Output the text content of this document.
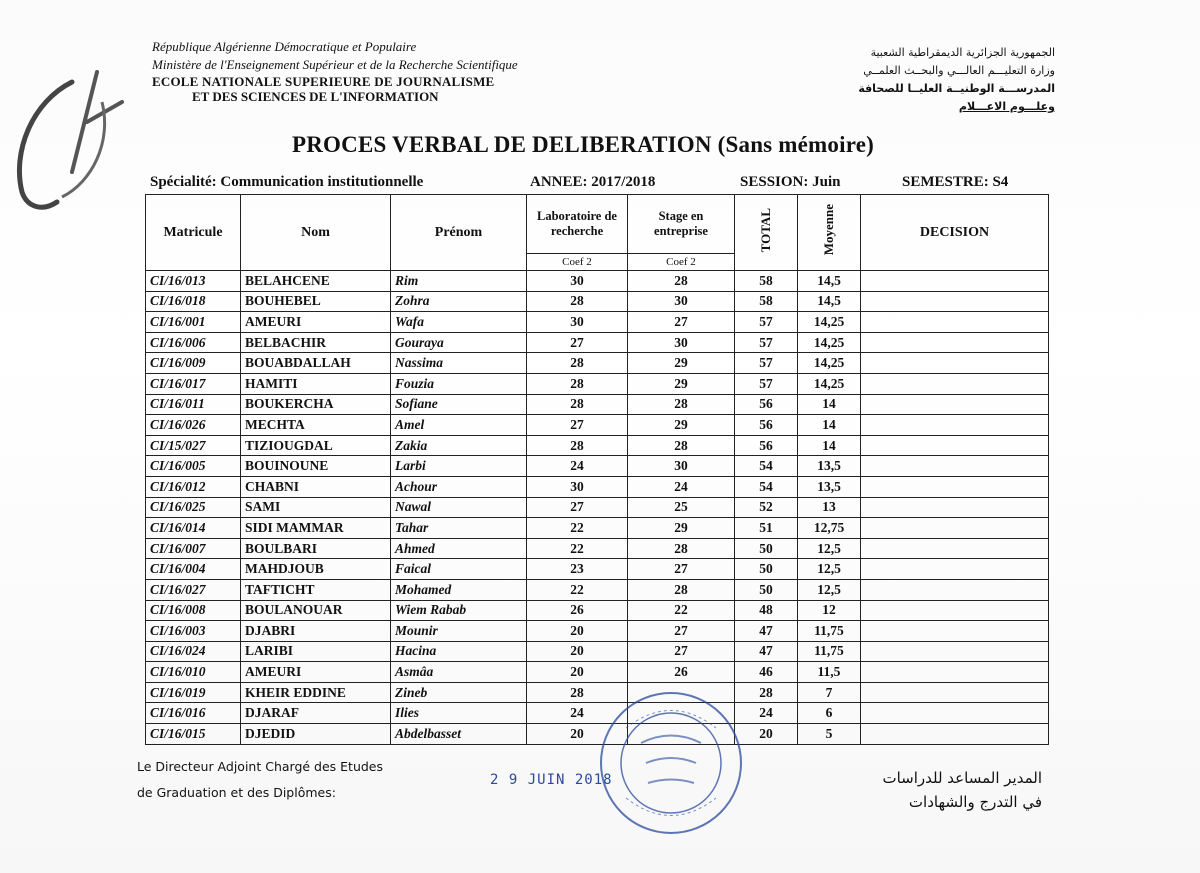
République Algérienne Démocratique et Populaire
Ministère de l'Enseignement Supérieur et de la Recherche Scientifique
ECOLE NATIONALE SUPERIEURE DE JOURNALISME
ET DES SCIENCES DE L'INFORMATION
الجمهورية الجزائرية الديمقراطية الشعبية
وزارة التعليـــم العالـــي والبحــث العلمــي
المدرســـة الوطنيــة العليــا للصحافة
وعلـــوم الاعـــلام
PROCES VERBAL DE DELIBERATION (Sans mémoire)
Spécialité: Communication institutionnelle	ANNEE: 2017/2018	SESSION: Juin	SEMESTRE: S4
Matricule	Nom	Prénom	Laboratoire de recherche	Stage en entreprise	TOTAL	Moyenne	DECISION
			Coef 2	Coef 2			
CI/16/013	BELAHCENE	Rim	30	28	58	14,5	
CI/16/018	BOUHEBEL	Zohra	28	30	58	14,5	
CI/16/001	AMEURI	Wafa	30	27	57	14,25	
CI/16/006	BELBACHIR	Gouraya	27	30	57	14,25	
CI/16/009	BOUABDALLAH	Nassima	28	29	57	14,25	
CI/16/017	HAMITI	Fouzia	28	29	57	14,25	
CI/16/011	BOUKERCHA	Sofiane	28	28	56	14	
CI/16/026	MECHTA	Amel	27	29	56	14	
CI/15/027	TIZIOUGDAL	Zakia	28	28	56	14	
CI/16/005	BOUINOUNE	Larbi	24	30	54	13,5	
CI/16/012	CHABNI	Achour	30	24	54	13,5	
CI/16/025	SAMI	Nawal	27	25	52	13	
CI/16/014	SIDI MAMMAR	Tahar	22	29	51	12,75	
CI/16/007	BOULBARI	Ahmed	22	28	50	12,5	
CI/16/004	MAHDJOUB	Faical	23	27	50	12,5	
CI/16/027	TAFTICHT	Mohamed	22	28	50	12,5	
CI/16/008	BOULANOUAR	Wiem Rabab	26	22	48	12	
CI/16/003	DJABRI	Mounir	20	27	47	11,75	
CI/16/024	LARIBI	Hacina	20	27	47	11,75	
CI/16/010	AMEURI	Asmâa	20	26	46	11,5	
CI/16/019	KHEIR EDDINE	Zineb	28		28	7	
CI/16/016	DJARAF	Ilies	24		24	6	
CI/16/015	DJEDID	Abdelbasset	20		20	5	
Le Directeur Adjoint Chargé des Etudes
de Graduation et des Diplômes:
2 9 JUIN 2018	المدير المساعد للدراسات
في التدرج والشهادات
